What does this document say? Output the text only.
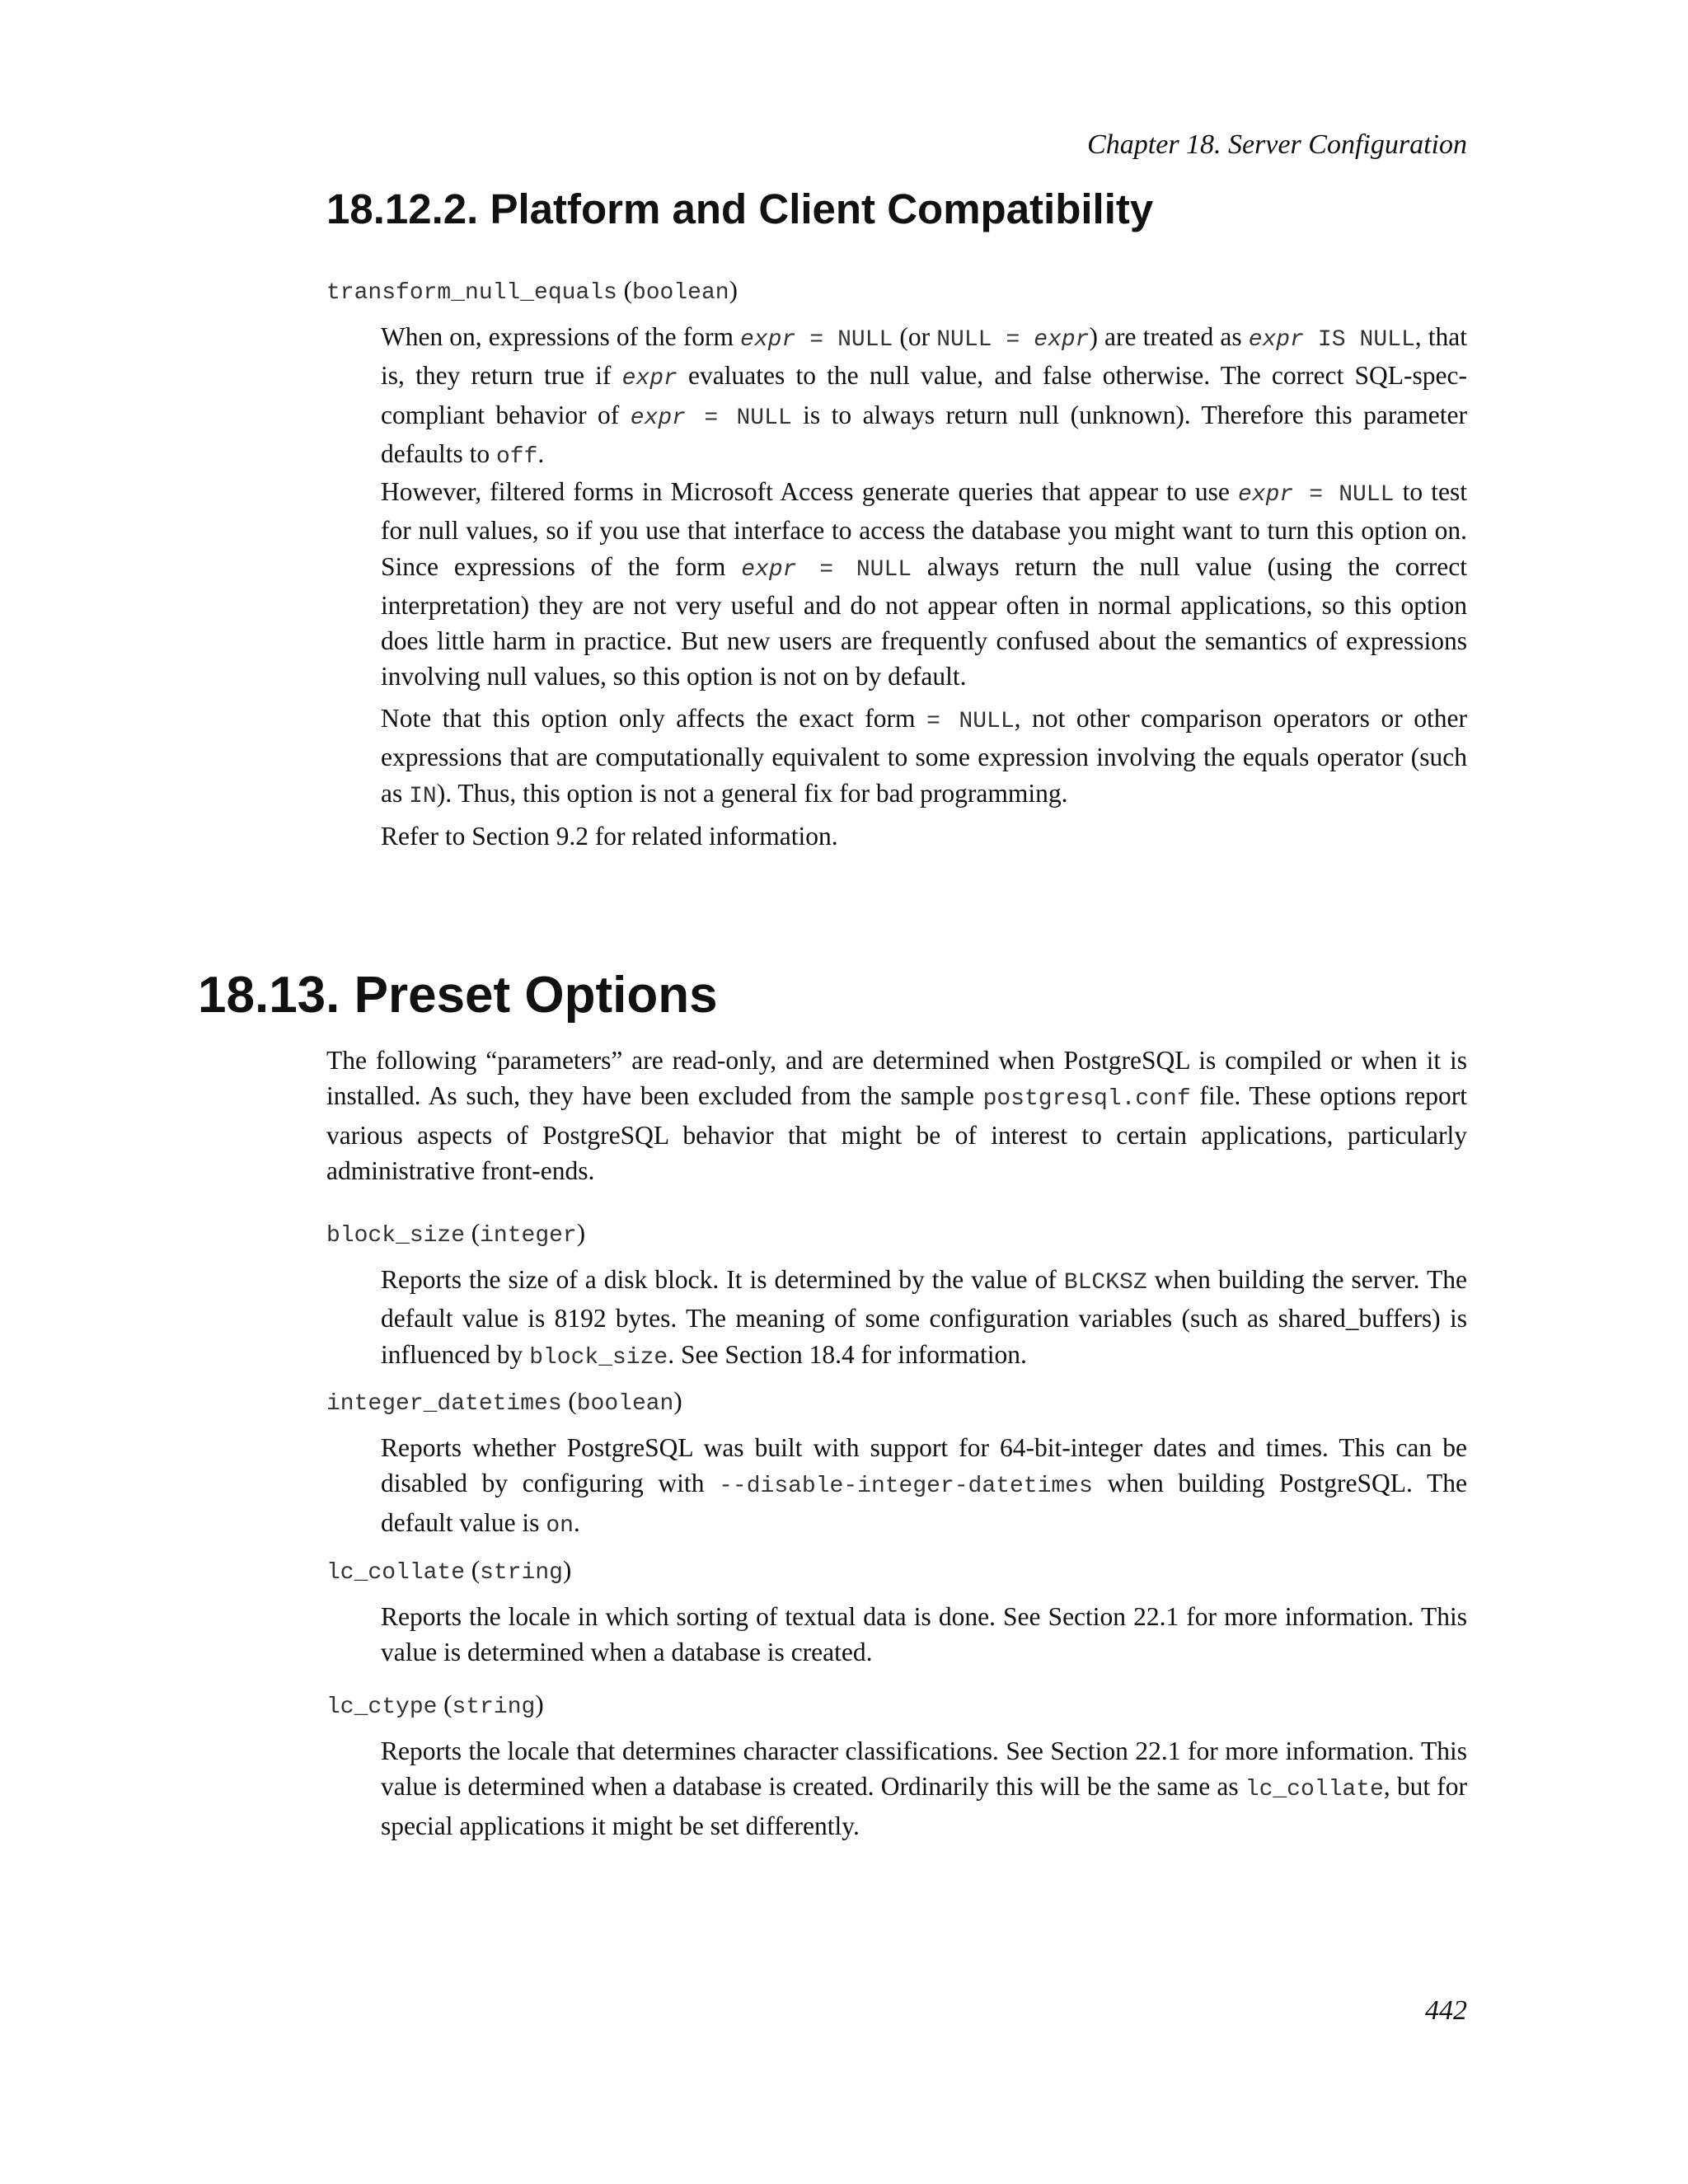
Chapter 18. Server Configuration
18.12.2. Platform and Client Compatibility
transform_null_equals (boolean)

When on, expressions of the form expr = NULL (or NULL = expr) are treated as expr IS NULL, that is, they return true if expr evaluates to the null value, and false otherwise. The correct SQL-spec-compliant behavior of expr = NULL is to always return null (unknown). Therefore this parameter defaults to off.

However, filtered forms in Microsoft Access generate queries that appear to use expr = NULL to test for null values, so if you use that interface to access the database you might want to turn this option on. Since expressions of the form expr = NULL always return the null value (using the correct interpretation) they are not very useful and do not appear often in normal applications, so this option does little harm in practice. But new users are frequently confused about the semantics of expressions involving null values, so this option is not on by default.

Note that this option only affects the exact form = NULL, not other comparison operators or other expressions that are computationally equivalent to some expression involving the equals operator (such as IN). Thus, this option is not a general fix for bad programming.

Refer to Section 9.2 for related information.

18.13. Preset Options

The following “parameters” are read-only, and are determined when PostgreSQL is compiled or when it is installed. As such, they have been excluded from the sample postgresql.conf file. These options report various aspects of PostgreSQL behavior that might be of interest to certain applications, particularly administrative front-ends.

block_size (integer)

Reports the size of a disk block. It is determined by the value of BLCKSZ when building the server. The default value is 8192 bytes. The meaning of some configuration variables (such as shared_buffers) is influenced by block_size. See Section 18.4 for information.

integer_datetimes (boolean)

Reports whether PostgreSQL was built with support for 64-bit-integer dates and times. This can be disabled by configuring with --disable-integer-datetimes when building PostgreSQL. The default value is on.

lc_collate (string)

Reports the locale in which sorting of textual data is done. See Section 22.1 for more information. This value is determined when a database is created.

lc_ctype (string)

Reports the locale that determines character classifications. See Section 22.1 for more information. This value is determined when a database is created. Ordinarily this will be the same as lc_collate, but for special applications it might be set differently.

442
